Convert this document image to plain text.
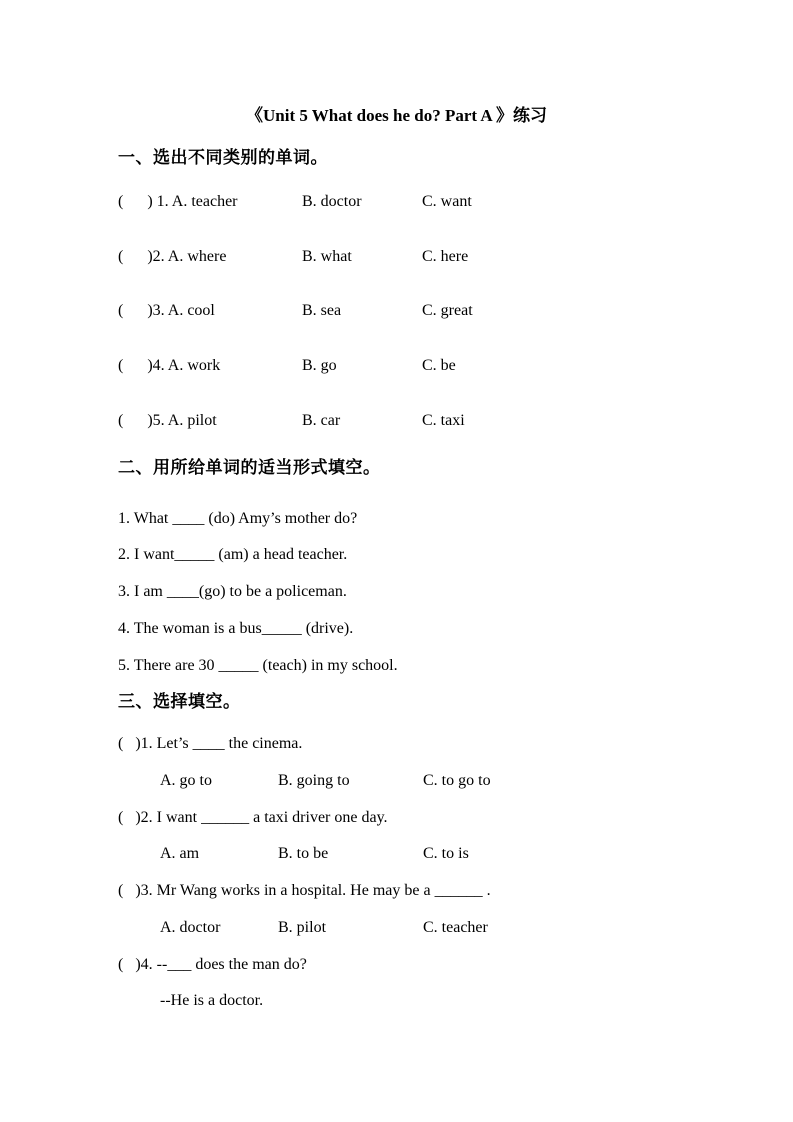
《Unit 5 What does he do? Part A 》练习
一、选出不同类别的单词。
(      ) 1. A. teacher	B. doctor	C. want
(      )2. A. where	B. what	C. here
(      )3. A. cool	B. sea	C. great
(      )4. A. work	B. go	C. be
(      )5. A. pilot	B. car	C. taxi
二、用所给单词的适当形式填空。
1. What ____ (do) Amy’s mother do?
2. I want_____ (am) a head teacher.
3. I am ____(go) to be a policeman.
4. The woman is a bus_____ (drive).
5. There are 30 _____ (teach) in my school.
三、选择填空。
(   )1. Let’s ____ the cinema.
A. go to	B. going to	C. to go to
(   )2. I want ______ a taxi driver one day.
A. am	B. to be	C. to is
(   )3. Mr Wang works in a hospital. He may be a ______ .
A. doctor	B. pilot	C. teacher
(   )4. --___ does the man do?
--He is a doctor.
